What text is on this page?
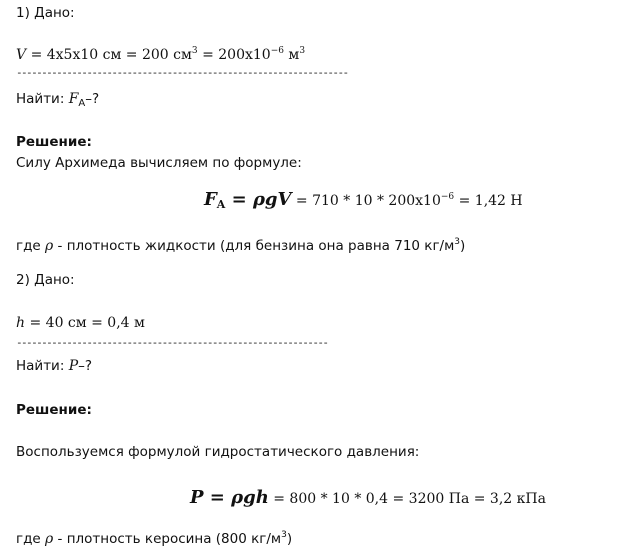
1) Дано:
V = 4x5x10 см = 200 $см^3 = 200x10^{-6}$ $м^3$
------------------------------------------------------------------
Найти: $F_A-$?
Решение:
Силу Архимеда вычисляем по формуле:
$F_A = \rho gV = 710 * 10 * 200x10^{-6} = 1,42$ Н
где ρ - плотность жидкости (для бензина она равна 710 $кг/м^3$)
2) Дано:
h = 40 см = 0,4 м
--------------------------------------------------------------
Найти: P–?
Решение:
Воспользуемся формулой гидростатического давления:
P = ρgh = 800 * 10 * 0,4 = 3200 Па = 3,2 кПа
где ρ - плотность керосина (800 $кг/м^3$)
